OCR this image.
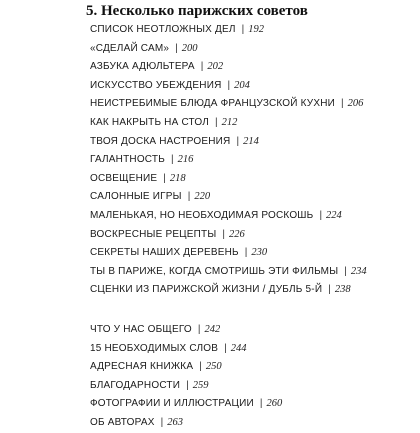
5. Несколько парижских советов
СПИСОК НЕОТЛОЖНЫХ ДЕЛ | 192
«СДЕЛАЙ САМ» | 200
АЗБУКА АДЮЛЬТЕРА | 202
ИСКУССТВО УБЕЖДЕНИЯ | 204
НЕИСТРЕБИМЫЕ БЛЮДА ФРАНЦУЗСКОЙ КУХНИ | 206
КАК НАКРЫТЬ НА СТОЛ | 212
ТВОЯ ДОСКА НАСТРОЕНИЯ | 214
ГАЛАНТНОСТЬ | 216
ОСВЕЩЕНИЕ | 218
САЛОННЫЕ ИГРЫ | 220
МАЛЕНЬКАЯ, НО НЕОБХОДИМАЯ РОСКОШЬ | 224
ВОСКРЕСНЫЕ РЕЦЕПТЫ | 226
СЕКРЕТЫ НАШИХ ДЕРЕВЕНЬ | 230
ТЫ В ПАРИЖЕ, КОГДА СМОТРИШЬ ЭТИ ФИЛЬМЫ | 234
СЦЕНКИ ИЗ ПАРИЖСКОЙ ЖИЗНИ / ДУБЛЬ 5-Й | 238
ЧТО У НАС ОБЩЕГО | 242
15 НЕОБХОДИМЫХ СЛОВ | 244
АДРЕСНАЯ КНИЖКА | 250
БЛАГОДАРНОСТИ | 259
ФОТОГРАФИИ И ИЛЛЮСТРАЦИИ | 260
ОБ АВТОРАХ | 263
